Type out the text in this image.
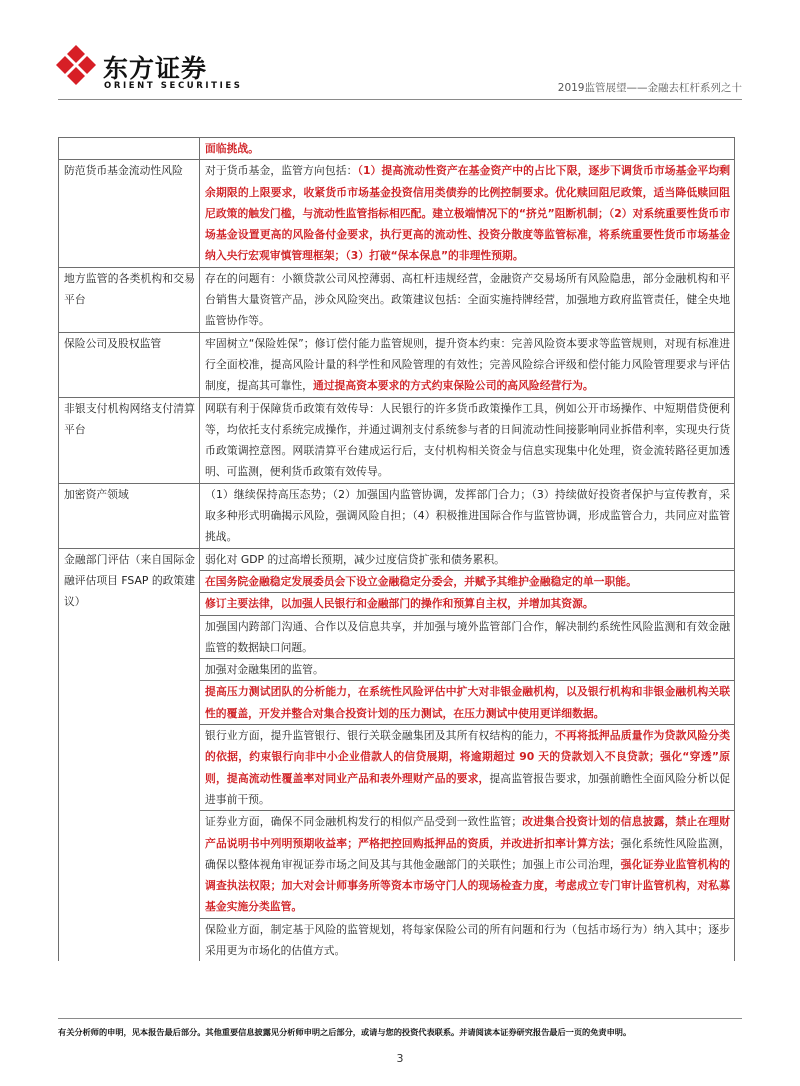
东方证券
ORIENT SECURITIES	2019监管展望——金融去杠杆系列之十
	面临挑战。
防范货币基金流动性风险	对于货币基金，监管方向包括：（1）提高流动性资产在基金资产中的占比下限，逐步下调货币市场基金平均剩余期限的上限要求，收紧货币市场基金投资信用类债券的比例控制要求。优化赎回阻尼政策，适当降低赎回阻尼政策的触发门槛，与流动性监管指标相匹配。建立极端情况下的“挤兑”阻断机制；（2）对系统重要性货币市场基金设置更高的风险备付金要求，执行更高的流动性、投资分散度等监管标准，将系统重要性货币市场基金纳入央行宏观审慎管理框架；（3）打破“保本保息”的非理性预期。
地方监管的各类机构和交易平台	存在的问题有：小额贷款公司风控薄弱、高杠杆违规经营，金融资产交易场所有风险隐患，部分金融机构和平台销售大量资管产品，涉众风险突出。政策建议包括：全面实施持牌经营，加强地方政府监管责任，健全央地监管协作等。
保险公司及股权监管	牢固树立“保险姓保”；修订偿付能力监管规则，提升资本约束：完善风险资本要求等监管规则，对现有标准进行全面校准，提高风险计量的科学性和风险管理的有效性；完善风险综合评级和偿付能力风险管理要求与评估制度，提高其可靠性，通过提高资本要求的方式约束保险公司的高风险经营行为。
非银支付机构网络支付清算平台	网联有利于保障货币政策有效传导：人民银行的许多货币政策操作工具，例如公开市场操作、中短期借贷便利等，均依托支付系统完成操作，并通过调剂支付系统参与者的日间流动性间接影响同业拆借利率，实现央行货币政策调控意图。网联清算平台建成运行后，支付机构相关资金与信息实现集中化处理，资金流转路径更加透明、可监测，便利货币政策有效传导。
加密资产领域	（1）继续保持高压态势；（2）加强国内监管协调，发挥部门合力；（3）持续做好投资者保护与宣传教育，采取多种形式明确揭示风险，强调风险自担；（4）积极推进国际合作与监管协调，形成监管合力，共同应对监管挑战。
金融部门评估（来自国际金融评估项目 FSAP 的政策建议）	弱化对 GDP 的过高增长预期，减少过度信贷扩张和债务累积。
	在国务院金融稳定发展委员会下设立金融稳定分委会，并赋予其维护金融稳定的单一职能。
	修订主要法律，以加强人民银行和金融部门的操作和预算自主权，并增加其资源。
	加强国内跨部门沟通、合作以及信息共享，并加强与境外监管部门合作，解决制约系统性风险监测和有效金融监管的数据缺口问题。
	加强对金融集团的监管。
	提高压力测试团队的分析能力，在系统性风险评估中扩大对非银金融机构，以及银行机构和非银金融机构关联性的覆盖，开发并整合对集合投资计划的压力测试，在压力测试中使用更详细数据。
	银行业方面，提升监管银行、银行关联金融集团及其所有权结构的能力，不再将抵押品质量作为贷款风险分类的依据，约束银行向非中小企业借款人的信贷展期，将逾期超过 90 天的贷款划入不良贷款；强化“穿透”原则，提高流动性覆盖率对同业产品和表外理财产品的要求，提高监管报告要求，加强前瞻性全面风险分析以促进事前干预。
	证券业方面，确保不同金融机构发行的相似产品受到一致性监管；改进集合投资计划的信息披露，禁止在理财产品说明书中列明预期收益率；严格把控回购抵押品的资质，并改进折扣率计算方法；强化系统性风险监测，确保以整体视角审视证券市场之间及其与其他金融部门的关联性；加强上市公司治理，强化证券业监管机构的调查执法权限；加大对会计师事务所等资本市场守门人的现场检查力度，考虑成立专门审计监管机构，对私募基金实施分类监管。
	保险业方面，制定基于风险的监管规划，将每家保险公司的所有问题和行为（包括市场行为）纳入其中；逐步采用更为市场化的估值方式。
有关分析师的申明，见本报告最后部分。其他重要信息披露见分析师申明之后部分，或请与您的投资代表联系。并请阅读本证券研究报告最后一页的免责申明。
3
